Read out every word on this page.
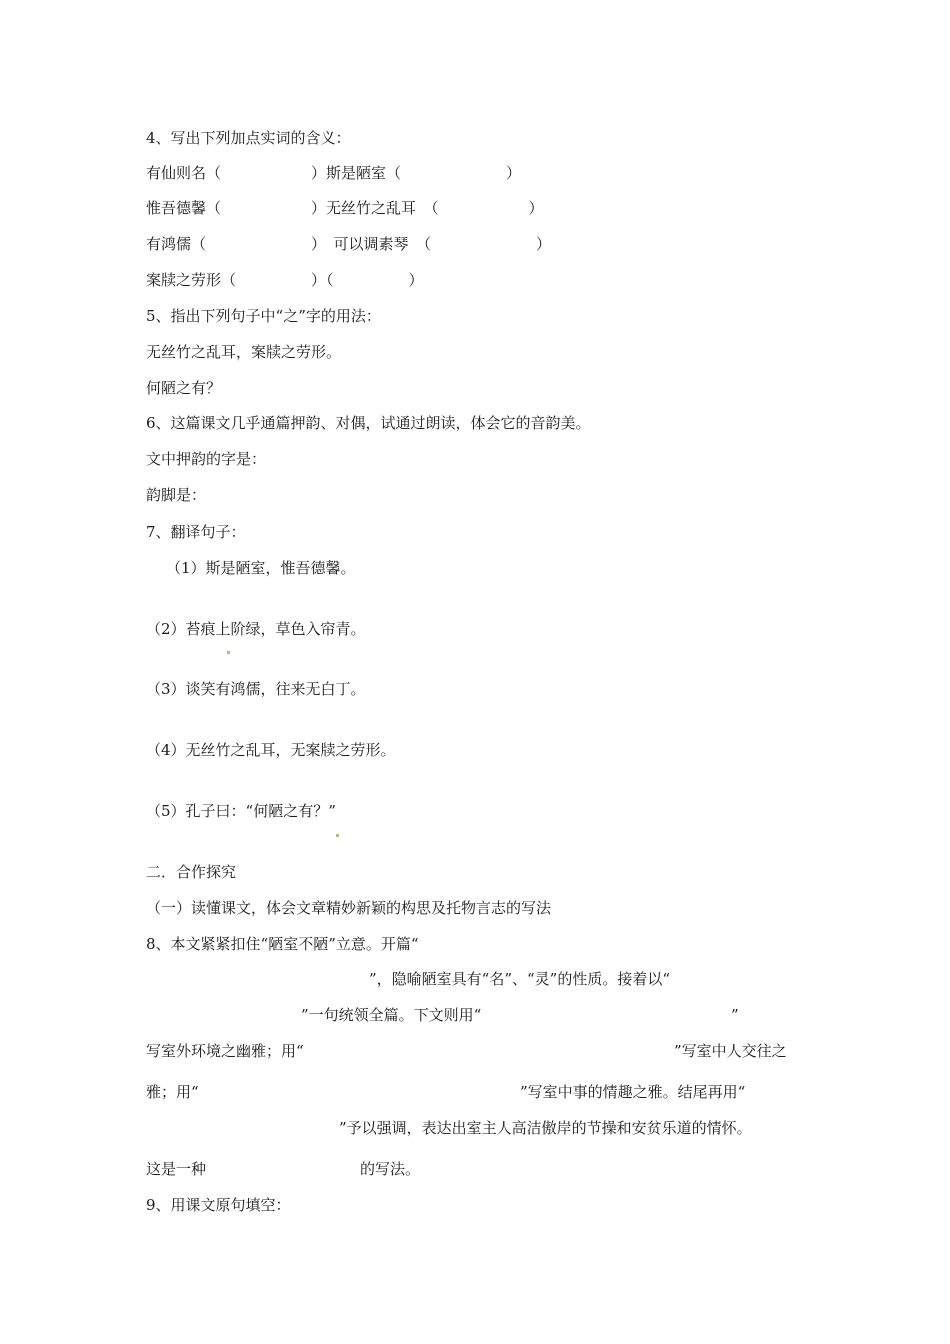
4、写出下列加点实词的含义：
有仙则名（　　　　　　）斯是陋室（　　　　　　　）
惟吾德馨（　　　　　　）无丝竹之乱耳　（　　　　　　）
有鸿儒（　　　　　　　）　可以调素琴　（　　　　　　　）
案牍之劳形（　　　　　）（　　　　　）
5、指出下列句子中“之”字的用法：
无丝竹之乱耳，案牍之劳形。
何陋之有？
6、这篇课文几乎通篇押韵、对偶，试通过朗读，体会它的音韵美。
文中押韵的字是：
韵脚是：
7、翻译句子：
（1）斯是陋室，惟吾德馨。
（2）苔痕上阶绿，草色入帘青。
（3）谈笑有鸿儒，往来无白丁。
（4）无丝竹之乱耳，无案牍之劳形。
（5）孔子曰：“何陋之有？”
二．合作探究
（一）读懂课文，体会文章精妙新颖的构思及托物言志的写法
8、本文紧紧扣住“陋室不陋”立意。开篇“
”，隐喻陋室具有“名”、“灵”的性质。接着以“
”一句统领全篇。下文则用“	”
写室外环境之幽雅；用“	”写室中人交往之
雅；用“	”写室中事的情趣之雅。结尾再用“
”予以强调，表达出室主人高洁傲岸的节操和安贫乐道的情怀。
这是一种	的写法。
9、用课文原句填空：
